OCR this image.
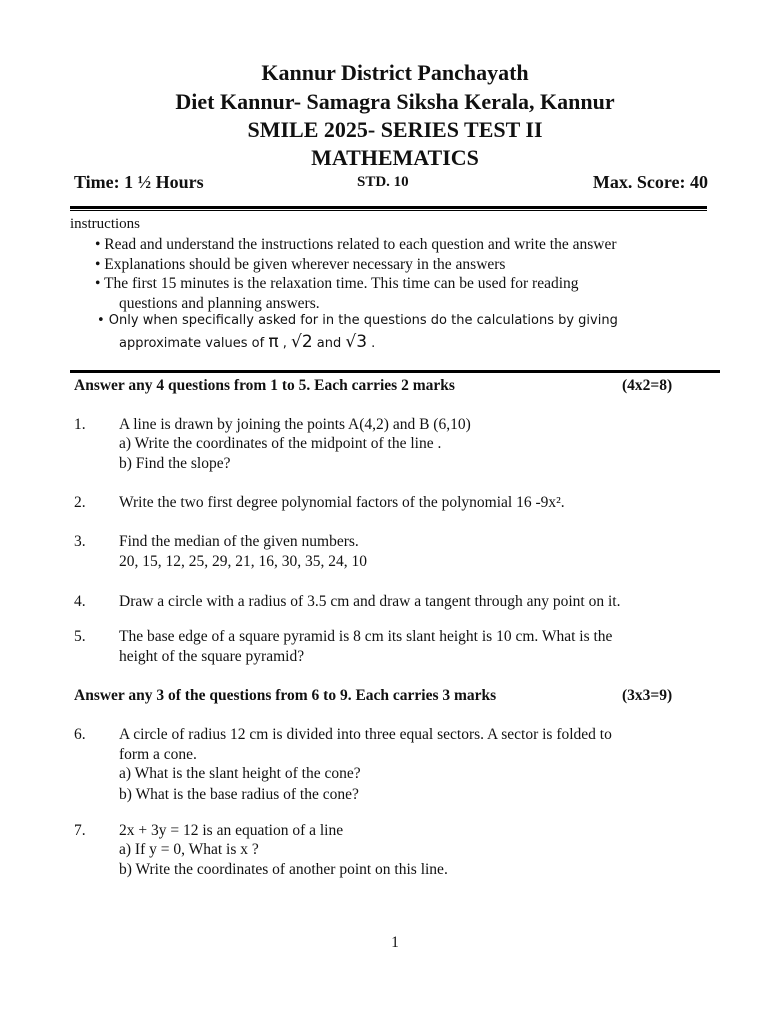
Kannur District Panchayath
Diet Kannur- Samagra Siksha Kerala, Kannur
SMILE 2025- SERIES TEST II
MATHEMATICS
Time: 1 ½ Hours	STD. 10	Max. Score: 40
instructions
• Read and understand the instructions related to each question and write the answer
• Explanations should be given wherever necessary in the answers
• The first 15 minutes is the relaxation time. This time can be used for reading
questions and planning answers.
• Only when specifically asked for in the questions do the calculations by giving
approximate values of π , √2 and √3 .
Answer any 4 questions from 1 to 5. Each carries 2 marks	(4x2=8)
1. A line is drawn by joining the points A(4,2) and B (6,10)
a) Write the coordinates of the midpoint of the line .
b) Find the slope?
2. Write the two first degree polynomial factors of the polynomial 16 -9x².
3. Find the median of the given numbers.
20, 15, 12, 25, 29, 21, 16, 30, 35, 24, 10
4. Draw a circle with a radius of 3.5 cm and draw a tangent through any point on it.
5. The base edge of a square pyramid is 8 cm its slant height is 10 cm. What is the
height of the square pyramid?
Answer any 3 of the questions from 6 to 9. Each carries 3 marks	(3x3=9)
6. A circle of radius 12 cm is divided into three equal sectors. A sector is folded to
form a cone.
a) What is the slant height of the cone?
b) What is the base radius of the cone?
7. 2x + 3y = 12 is an equation of a line
a) If y = 0, What is x ?
b) Write the coordinates of another point on this line.
1
